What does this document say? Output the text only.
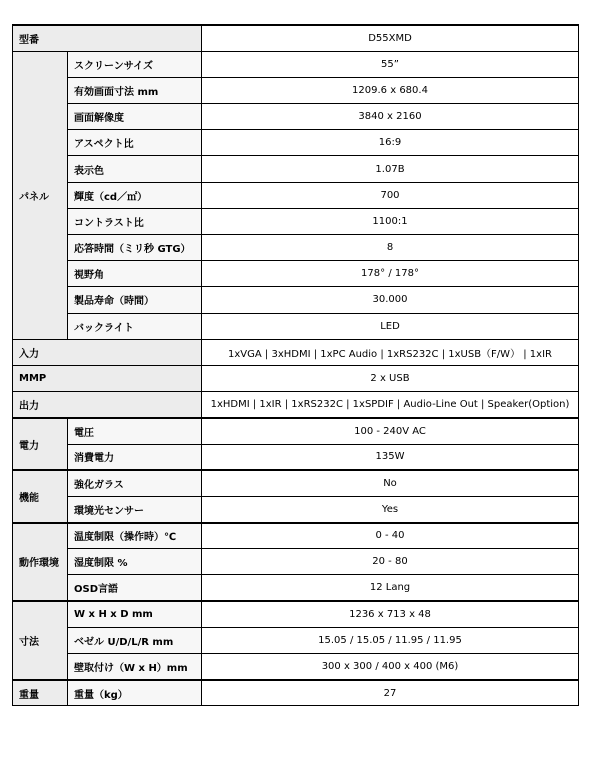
型番		D55XMD
パネル	スクリーンサイズ	55”
	有効画面寸法 mm	1209.6 x 680.4
	画面解像度	3840 x 2160
	アスペクト比	16:9
	表示色	1.07B
	輝度（cd／㎡）	700
	コントラスト比	1100:1
	応答時間（ミリ秒 GTG）	8
	視野角	178° / 178°
	製品寿命（時間）	30.000
	バックライト	LED
入力		1xVGA | 3xHDMI | 1xPC Audio | 1xRS232C | 1xUSB（F/W） | 1xIR
MMP		2 x USB
出力		1xHDMI | 1xIR | 1xRS232C | 1xSPDIF | Audio-Line Out | Speaker(Option)
電力	電圧	100 - 240V AC
	消費電力	135W
機能	強化ガラス	No
	環境光センサー	Yes
動作環境	温度制限（操作時）℃	0 - 40
	湿度制限 %	20 - 80
	OSD言語	12 Lang
寸法	W x H x D mm	1236 x 713 x 48
	ベゼル U/D/L/R mm	15.05 / 15.05 / 11.95 / 11.95
	壁取付け（W x H）mm	300 x 300 / 400 x 400 (M6)
重量	重量（kg）	27
